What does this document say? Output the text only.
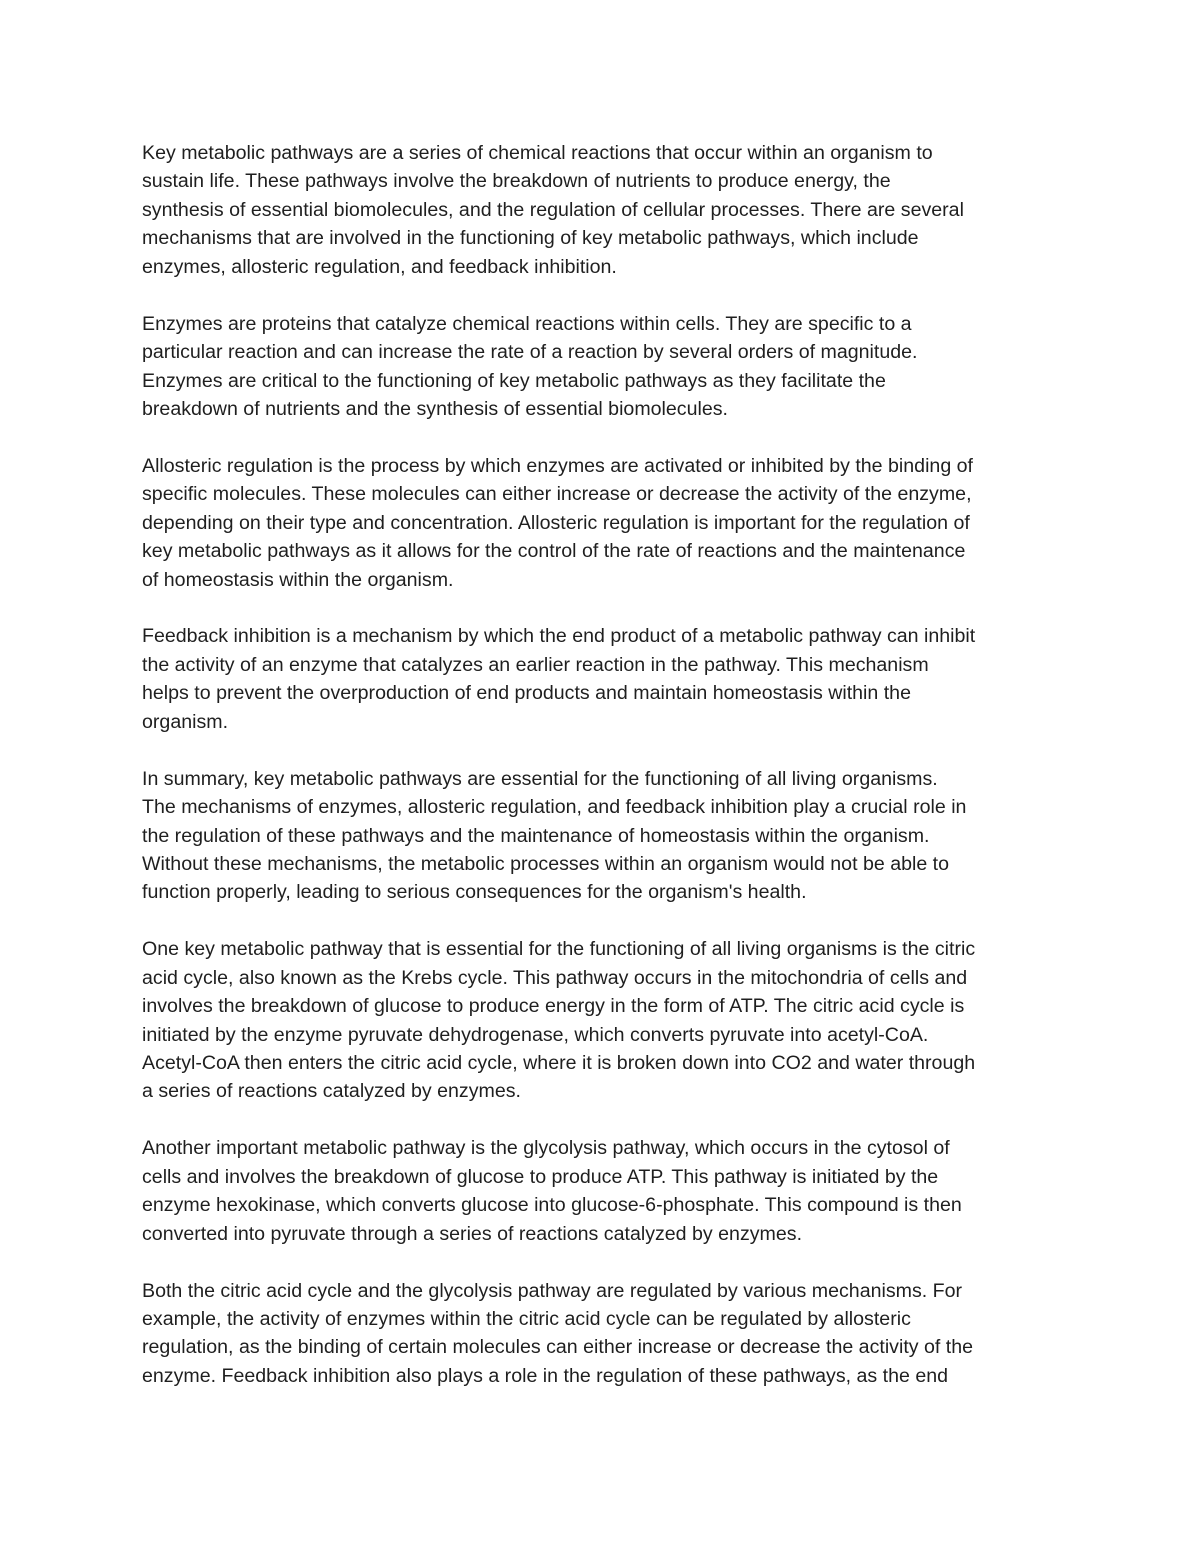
Key metabolic pathways are a series of chemical reactions that occur within an organism to
sustain life. These pathways involve the breakdown of nutrients to produce energy, the
synthesis of essential biomolecules, and the regulation of cellular processes. There are several
mechanisms that are involved in the functioning of key metabolic pathways, which include
enzymes, allosteric regulation, and feedback inhibition.
Enzymes are proteins that catalyze chemical reactions within cells. They are specific to a
particular reaction and can increase the rate of a reaction by several orders of magnitude.
Enzymes are critical to the functioning of key metabolic pathways as they facilitate the
breakdown of nutrients and the synthesis of essential biomolecules.
Allosteric regulation is the process by which enzymes are activated or inhibited by the binding of
specific molecules. These molecules can either increase or decrease the activity of the enzyme,
depending on their type and concentration. Allosteric regulation is important for the regulation of
key metabolic pathways as it allows for the control of the rate of reactions and the maintenance
of homeostasis within the organism.
Feedback inhibition is a mechanism by which the end product of a metabolic pathway can inhibit
the activity of an enzyme that catalyzes an earlier reaction in the pathway. This mechanism
helps to prevent the overproduction of end products and maintain homeostasis within the
organism.
In summary, key metabolic pathways are essential for the functioning of all living organisms.
The mechanisms of enzymes, allosteric regulation, and feedback inhibition play a crucial role in
the regulation of these pathways and the maintenance of homeostasis within the organism.
Without these mechanisms, the metabolic processes within an organism would not be able to
function properly, leading to serious consequences for the organism's health.
One key metabolic pathway that is essential for the functioning of all living organisms is the citric
acid cycle, also known as the Krebs cycle. This pathway occurs in the mitochondria of cells and
involves the breakdown of glucose to produce energy in the form of ATP. The citric acid cycle is
initiated by the enzyme pyruvate dehydrogenase, which converts pyruvate into acetyl-CoA.
Acetyl-CoA then enters the citric acid cycle, where it is broken down into CO2 and water through
a series of reactions catalyzed by enzymes.
Another important metabolic pathway is the glycolysis pathway, which occurs in the cytosol of
cells and involves the breakdown of glucose to produce ATP. This pathway is initiated by the
enzyme hexokinase, which converts glucose into glucose-6-phosphate. This compound is then
converted into pyruvate through a series of reactions catalyzed by enzymes.
Both the citric acid cycle and the glycolysis pathway are regulated by various mechanisms. For
example, the activity of enzymes within the citric acid cycle can be regulated by allosteric
regulation, as the binding of certain molecules can either increase or decrease the activity of the
enzyme. Feedback inhibition also plays a role in the regulation of these pathways, as the end
